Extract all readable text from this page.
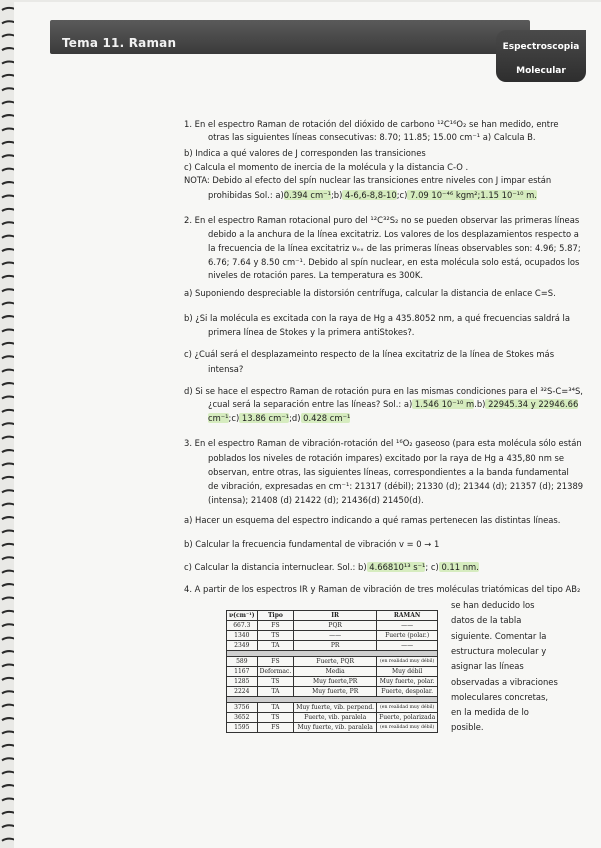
Tema 11. Raman	Espectroscopia
Molecular
1. En el espectro Raman de rotación del dióxido de carbono ¹²C¹⁶O₂ se han medido, entre
otras las siguientes líneas consecutivas: 8.70; 11.85; 15.00 cm⁻¹ a) Calcula B.
b) Indica a qué valores de J corresponden las transiciones
c) Calcula el momento de inercia de la molécula y la distancia C-O .
NOTA: Debido al efecto del spín nuclear las transiciones entre niveles con J impar están
prohibidas Sol.: a)0.394 cm⁻¹;b) 4-6,6-8,8-10;c) 7.09 10⁻⁴⁶ kgm²;1.15 10⁻¹⁰ m.
2. En el espectro Raman rotacional puro del ¹²C³²S₂ no se pueden observar las primeras líneas
debido a la anchura de la línea excitatriz. Los valores de los desplazamientos respecto a
la frecuencia de la línea excitatriz νₑₓ de las primeras líneas observables son: 4.96; 5.87;
6.76; 7.64 y 8.50 cm⁻¹. Debido al spín nuclear, en esta molécula solo está, ocupados los
niveles de rotación pares. La temperatura es 300K.
a) Suponiendo despreciable la distorsión centrífuga, calcular la distancia de enlace C=S.
b) ¿Si la molécula es excitada con la raya de Hg a 435.8052 nm, a qué frecuencias saldrá la
primera línea de Stokes y la primera antiStokes?.
c) ¿Cuál será el desplazameinto respecto de la línea excitatriz de la línea de Stokes más
intensa?
d) Si se hace el espectro Raman de rotación pura en las mismas condiciones para el ³²S-C=³⁴S,
¿cual será la separación entre las líneas? Sol.: a) 1.546 10⁻¹⁰ m.b) 22945.34 y 22946.66
cm⁻¹;c) 13.86 cm⁻¹;d) 0.428 cm⁻¹
3. En el espectro Raman de vibración-rotación del ¹⁶O₂ gaseoso (para esta molécula sólo están
poblados los niveles de rotación impares) excitado por la raya de Hg a 435,80 nm se
observan, entre otras, las siguientes líneas, correspondientes a la banda fundamental
de vibración, expresadas en cm⁻¹: 21317 (débil); 21330 (d); 21344 (d); 21357 (d); 21389
(intensa); 21408 (d) 21422 (d); 21436(d) 21450(d).
a) Hacer un esquema del espectro indicando a qué ramas pertenecen las distintas líneas.
b) Calcular la frecuencia fundamental de vibración v = 0 → 1
c) Calcular la distancia internuclear. Sol.: b) 4.66810¹³ s⁻¹; c) 0.11 nm.
4. A partir de los espectros IR y Raman de vibración de tres moléculas triatómicas del tipo AB₂
se han deducido los
datos de la tabla
siguiente. Comentar la
estructura molecular y
asignar las líneas
observadas a vibraciones
moleculares concretas,
en la medida de lo
posible.
ν(cm⁻¹)	Tipo	IR	RAMAN
667.3	FS	PQR	——
1340	TS	——	Fuerte (polar.)
2349	TA	PR	——

589	FS	Fuerte, PQR	(en realidad muy débil)
1167	Deformac.	Media	Muy débil
1285	TS	Muy fuerte,PR	Muy fuerte, polar.
2224	TA	Muy fuerte, PR	Fuerte, despolar.

3756	TA	Muy fuerte, vib. perpend.	(en realidad muy débil)
3652	TS	Fuerte, vib. paralela	Fuerte, polarizada
1595	FS	Muy fuerte, vib. paralela	(en realidad muy débil)
